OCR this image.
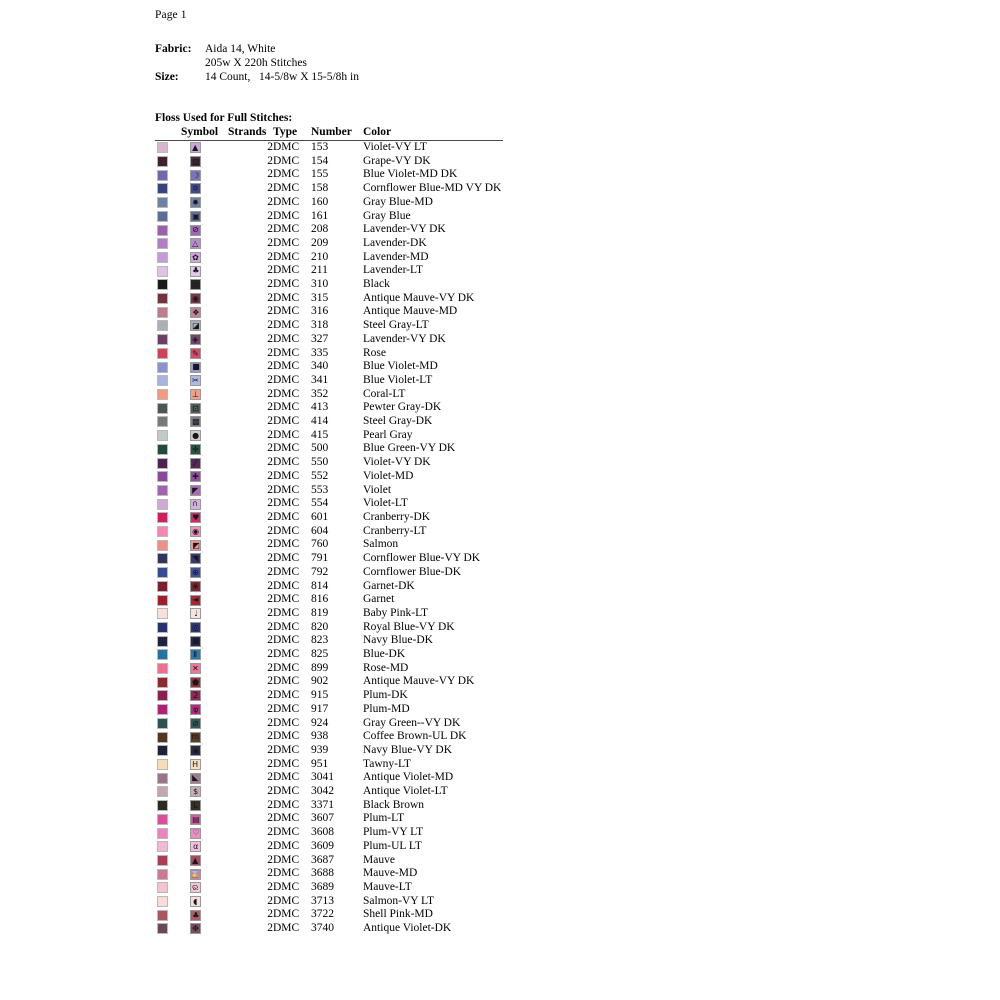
Page 1
Fabric:	Aida 14, White
205w X 220h Stitches
Size:	14 Count,   14-5/8w X 15-5/8h in
Floss Used for Full Stitches:
	Symbol	Strands	Type	Number	Color

	▲	2	DMC	153	Violet-VY LT

	▨	2	DMC	154	Grape-VY DK

	☽	2	DMC	155	Blue Violet-MD DK

	✡	2	DMC	158	Cornflower Blue-MD VY DK

	✹	2	DMC	160	Gray Blue-MD

	▣	2	DMC	161	Gray Blue

	⊘	2	DMC	208	Lavender-VY DK

	△	2	DMC	209	Lavender-DK

	✿	2	DMC	210	Lavender-MD

	♣	2	DMC	211	Lavender-LT

	▭	2	DMC	310	Black

	◉	2	DMC	315	Antique Mauve-VY DK

	❖	2	DMC	316	Antique Mauve-MD

	◪	2	DMC	318	Steel Gray-LT

	◈	2	DMC	327	Lavender-VY DK

	✎	2	DMC	335	Rose

	■	2	DMC	340	Blue Violet-MD

	✂	2	DMC	341	Blue Violet-LT

	⊥	2	DMC	352	Coral-LT

	⊡	2	DMC	413	Pewter Gray-DK

	▩	2	DMC	414	Steel Gray-DK

	●	2	DMC	415	Pearl Gray

	✛	2	DMC	500	Blue Green-VY DK

	╱	2	DMC	550	Violet-VY DK

	✚	2	DMC	552	Violet-MD

	◤	2	DMC	553	Violet

	∩	2	DMC	554	Violet-LT

	♥	2	DMC	601	Cranberry-DK

	◉	2	DMC	604	Cranberry-LT

	◩	2	DMC	760	Salmon

	◥	2	DMC	791	Cornflower Blue-VY DK

	⊕	2	DMC	792	Cornflower Blue-DK

	❀	2	DMC	814	Garnet-DK

	◄	2	DMC	816	Garnet

	♩	2	DMC	819	Baby Pink-LT

	◎	2	DMC	820	Royal Blue-VY DK

	▦	2	DMC	823	Navy Blue-DK

	Ⅱ	2	DMC	825	Blue-DK

	✕	2	DMC	899	Rose-MD

	⬟	2	DMC	902	Antique Mauve-VY DK

	2	2	DMC	915	Plum-DK

	φ	2	DMC	917	Plum-MD

	⊘	2	DMC	924	Gray Green--VY DK

	m	2	DMC	938	Coffee Brown-UL DK

	▪	2	DMC	939	Navy Blue-VY DK

	H	2	DMC	951	Tawny-LT

	◣	2	DMC	3041	Antique Violet-MD

	$	2	DMC	3042	Antique Violet-LT

	L	2	DMC	3371	Black Brown

	▤	2	DMC	3607	Plum-LT

	♡	2	DMC	3608	Plum-VY LT

	α	2	DMC	3609	Plum-UL LT

	▲	2	DMC	3687	Mauve

	⌛	2	DMC	3688	Mauve-MD

	ର	2	DMC	3689	Mauve-LT

	◖	2	DMC	3713	Salmon-VY LT

	♣	2	DMC	3722	Shell Pink-MD

	✥	2	DMC	3740	Antique Violet-DK
